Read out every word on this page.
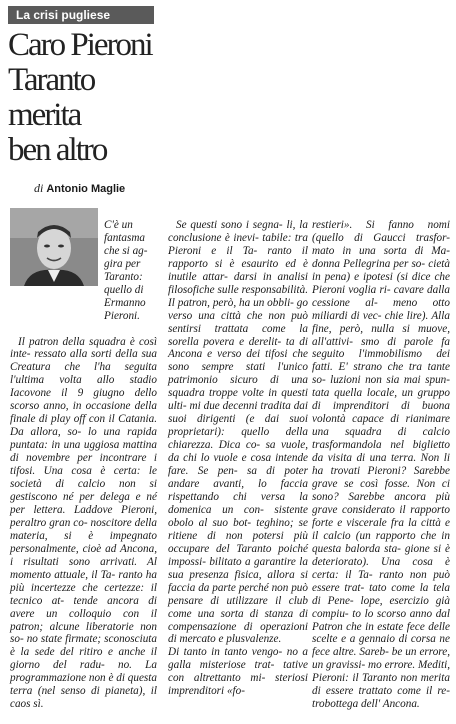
La crisi pugliese
Caro Pieroni
Taranto
merita
ben altro
di Antonio Maglie

C'è un
fantasma
che si ag-
gira per
Taranto:
quello di
Ermanno
Pieroni.

Il patron della squadra è così inte- ressato alla sorti della sua Creatura che l'ha seguita l'ultima volta allo stadio Iacovone il 9 giugno dello scorso anno, in occasione della finale di play off con il Catania. Da allora, so- lo una rapida puntata: in una uggiosa mattina di novembre per incontrare i tifosi. Una cosa è certa: le società di calcio non si gestiscono né per delega e né per lettera. Laddove Pieroni, peraltro gran co- noscitore della materia, si è impegnato personalmente, cioè ad Ancona, i risultati sono arrivati. Al momento attuale, il Ta- ranto ha più incertezze che certezze: il tecnico at- tende ancora di avere un colloquio con il patron; alcune liberatorie non so- no state firmate; sconosciuta è la sede del ritiro e anche il giorno del radu- no. La programmazione non è di questa terra (nel senso di pianeta), il caos sì.

Se questi sono i segna- li, la conclusione è inevi- tabile: tra Pieroni e il Ta- ranto il rapporto si è esaurito ed è inutile attar- darsi in analisi filosofiche sulle responsabilità. Il patron, però, ha un obbli- go verso una città che non può sentirsi trattata come la sorella povera e derelit- ta di Ancona e verso dei tifosi che sono sempre stati l'unico patrimonio sicuro di una squadra troppe volte in questi ulti- mi due decenni tradita dai suoi dirigenti (e dai suoi proprietari): quello della chiarezza. Dica co- sa vuole, da chi lo vuole e cosa intende fare. Se pen- sa di poter andare avanti, lo faccia rispettando chi versa la domenica un con- sistente obolo al suo bot- teghino; se ritiene di non potersi più occupare del Taranto poiché impossi- bilitato a garantire la sua presenza fisica, allora si faccia da parte perché non può pensare di utilizzare il club come una sorta di stanza di compensazione di operazioni di mercato e plusvalenze.
Di tanto in tanto vengo- no a galla misteriose trat- tative con altrettanto mi- steriosi imprenditori «fo-

restieri». Si fanno nomi (quello di Gaucci trasfor- mato in una sorta di Ma- donna Pellegrina per so- cietà in pena) e ipotesi (si dice che Pieroni voglia ri- cavare dalla cessione al- meno otto miliardi di vec- chie lire). Alla fine, però, nulla si muove, all'attivi- smo di parole fa seguito l'immobilismo dei fatti. E' strano che tra tante so- luzioni non sia mai spun- tata quella locale, un gruppo di imprenditori di buona volontà capace di rianimare una squadra di calcio trasformandola nel biglietto da visita di una terra. Non li ha trovati Pieroni? Sarebbe grave se così fosse. Non ci sono? Sarebbe ancora più grave considerato il rapporto forte e viscerale fra la città e il calcio (un rapporto che in questa balorda sta- gione si è deteriorato). Una cosa è certa: il Ta- ranto non può essere trat- tato come la tela di Pene- lope, esercizio già compiu- to lo scorso anno dal Patron che in estate fece delle scelte e a gennaio di corsa ne fece altre. Sareb- be un errore, un gravissi- mo errore. Mediti, Pieroni: il Taranto non merita di essere trattato come il re- trobottega dell' Ancona.
